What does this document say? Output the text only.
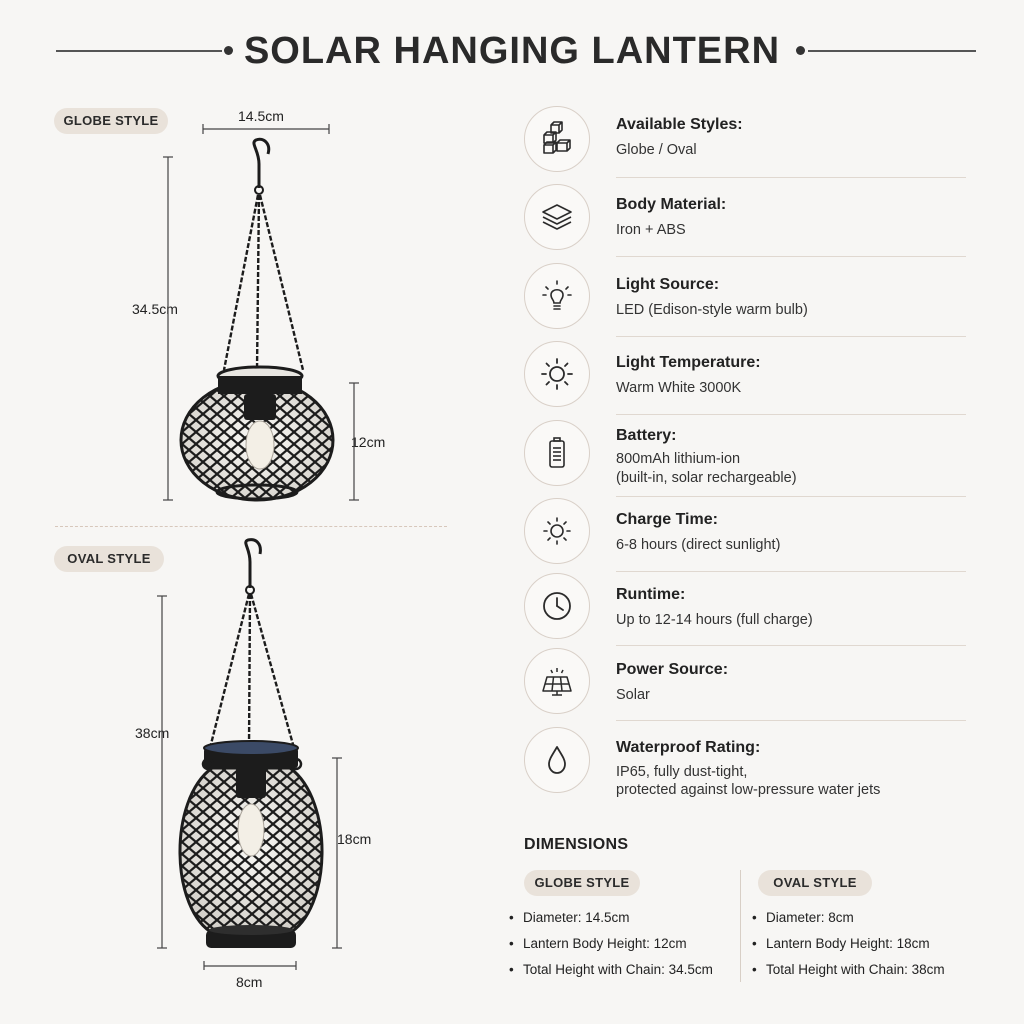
SOLAR HANGING LANTERN
GLOBE STYLE	14.5cm
34.5cm
12cm
OVAL STYLE
38cm
18cm
8cm
Available Styles:
Globe / Oval
Body Material:
Iron + ABS
Light Source:
LED (Edison-style warm bulb)
Light Temperature:
Warm White 3000K
Battery:
800mAh lithium-ion
(built-in, solar rechargeable)
Charge Time:
6-8 hours (direct sunlight)
Runtime:
Up to 12-14 hours (full charge)
Power Source:
Solar
Waterproof Rating:
IP65, fully dust-tight,
protected against low-pressure water jets
DIMENSIONS
GLOBE STYLE	OVAL STYLE
• Diameter: 14.5cm
• Lantern Body Height: 12cm
• Total Height with Chain: 34.5cm
• Diameter: 8cm
• Lantern Body Height: 18cm
• Total Height with Chain: 38cm
